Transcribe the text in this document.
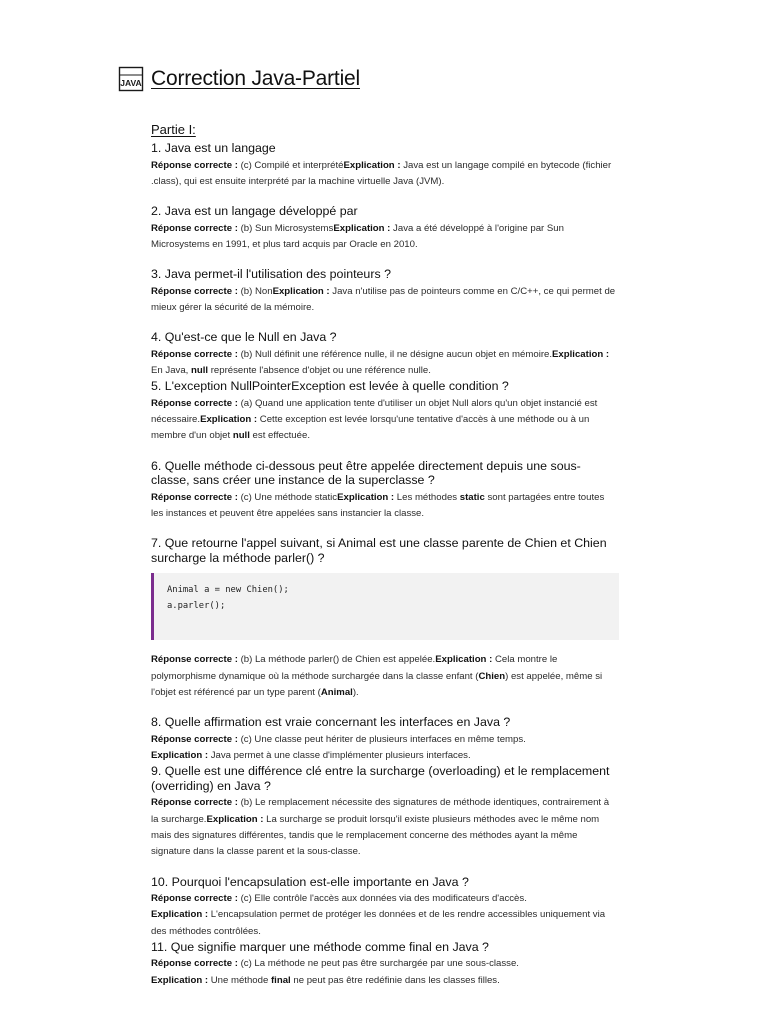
JAVA Correction Java-Partiel
Partie I:
1. Java est un langage

Réponse correcte : (c) Compilé et interprétéExplication : Java est un langage compilé en bytecode (fichier .class), qui est ensuite interprété par la machine virtuelle Java (JVM).

2. Java est un langage développé par

Réponse correcte : (b) Sun MicrosystemsExplication : Java a été développé à l'origine par Sun Microsystems en 1991, et plus tard acquis par Oracle en 2010.

3. Java permet-il l'utilisation des pointeurs ?

Réponse correcte : (b) NonExplication : Java n'utilise pas de pointeurs comme en C/C++, ce qui permet de mieux gérer la sécurité de la mémoire.

4. Qu'est-ce que le Null en Java ?

Réponse correcte : (b) Null définit une référence nulle, il ne désigne aucun objet en mémoire.Explication : En Java, null représente l'absence d'objet ou une référence nulle.

5. L'exception NullPointerException est levée à quelle condition ?

Réponse correcte : (a) Quand une application tente d'utiliser un objet Null alors qu'un objet instancié est nécessaire.Explication : Cette exception est levée lorsqu'une tentative d'accès à une méthode ou à un membre d'un objet null est effectuée.

6. Quelle méthode ci-dessous peut être appelée directement depuis une sous-classe, sans créer une instance de la superclasse ?

Réponse correcte : (c) Une méthode staticExplication : Les méthodes static sont partagées entre toutes les instances et peuvent être appelées sans instancier la classe.

7. Que retourne l'appel suivant, si Animal est une classe parente de Chien et Chien surcharge la méthode parler() ?
Animal a = new Chien();
a.parler();

Réponse correcte : (b) La méthode parler() de Chien est appelée.Explication : Cela montre le polymorphisme dynamique où la méthode surchargée dans la classe enfant (Chien) est appelée, même si l'objet est référencé par un type parent (Animal).

8. Quelle affirmation est vraie concernant les interfaces en Java ?

Réponse correcte : (c) Une classe peut hériter de plusieurs interfaces en même temps.
Explication : Java permet à une classe d'implémenter plusieurs interfaces.

9. Quelle est une différence clé entre la surcharge (overloading) et le remplacement (overriding) en Java ?

Réponse correcte : (b) Le remplacement nécessite des signatures de méthode identiques, contrairement à la surcharge.Explication : La surcharge se produit lorsqu'il existe plusieurs méthodes avec le même nom mais des signatures différentes, tandis que le remplacement concerne des méthodes ayant la même signature dans la classe parent et la sous-classe.

10. Pourquoi l'encapsulation est-elle importante en Java ?

Réponse correcte : (c) Elle contrôle l'accès aux données via des modificateurs d'accès.
Explication : L'encapsulation permet de protéger les données et de les rendre accessibles uniquement via des méthodes contrôlées.

11. Que signifie marquer une méthode comme final en Java ?

Réponse correcte : (c) La méthode ne peut pas être surchargée par une sous-classe.
Explication : Une méthode final ne peut pas être redéfinie dans les classes filles.
